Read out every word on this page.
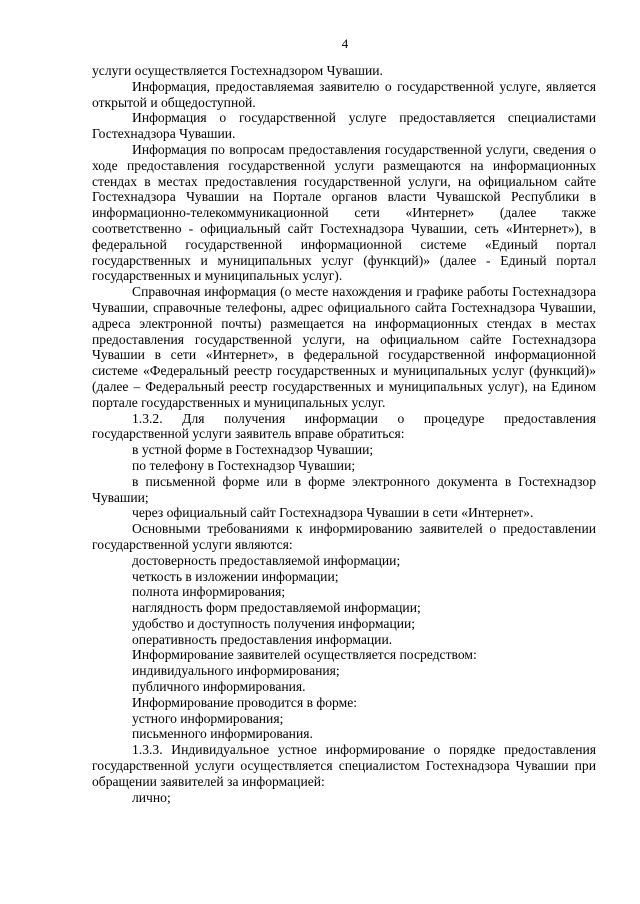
4

услуги осуществляется Гостехнадзором Чувашии.

Информация, предоставляемая заявителю о государственной услуге, является открытой и общедоступной.

Информация о государственной услуге предоставляется специалистами Гостехнадзора Чувашии.

Информация по вопросам предоставления государственной услуги, сведения о ходе предоставления государственной услуги размещаются на информационных стендах в местах предоставления государственной услуги, на официальном сайте Гостехнадзора Чувашии на Портале органов власти Чувашской Республики в информационно-телекоммуникационной сети «Интернет» (далее также соответственно - официальный сайт Гостехнадзора Чувашии, сеть «Интернет»), в федеральной государственной информационной системе «Единый портал государственных и муниципальных услуг (функций)» (далее - Единый портал государственных и муниципальных услуг).

Справочная информация (о месте нахождения и графике работы Гостехнадзора Чувашии, справочные телефоны, адрес официального сайта Гостехнадзора Чувашии, адреса электронной почты) размещается на информационных стендах в местах предоставления государственной услуги, на официальном сайте Гостехнадзора Чувашии в сети «Интернет», в федеральной государственной информационной системе «Федеральный реестр государственных и муниципальных услуг (функций)» (далее – Федеральный реестр государственных и муниципальных услуг), на Едином портале государственных и муниципальных услуг.

1.3.2. Для получения информации о процедуре предоставления государственной услуги заявитель вправе обратиться:

в устной форме в Гостехнадзор Чувашии;

по телефону в Гостехнадзор Чувашии;

в письменной форме или в форме электронного документа в Гостехнадзор Чувашии;

через официальный сайт Гостехнадзора Чувашии в сети «Интернет».

Основными требованиями к информированию заявителей о предоставлении государственной услуги являются:

достоверность предоставляемой информации;

четкость в изложении информации;

полнота информирования;

наглядность форм предоставляемой информации;

удобство и доступность получения информации;

оперативность предоставления информации.

Информирование заявителей осуществляется посредством:

индивидуального информирования;

публичного информирования.

Информирование проводится в форме:

устного информирования;

письменного информирования.

1.3.3. Индивидуальное устное информирование о порядке предоставления государственной услуги осуществляется специалистом Гостехнадзора Чувашии при обращении заявителей за информацией:

лично;
